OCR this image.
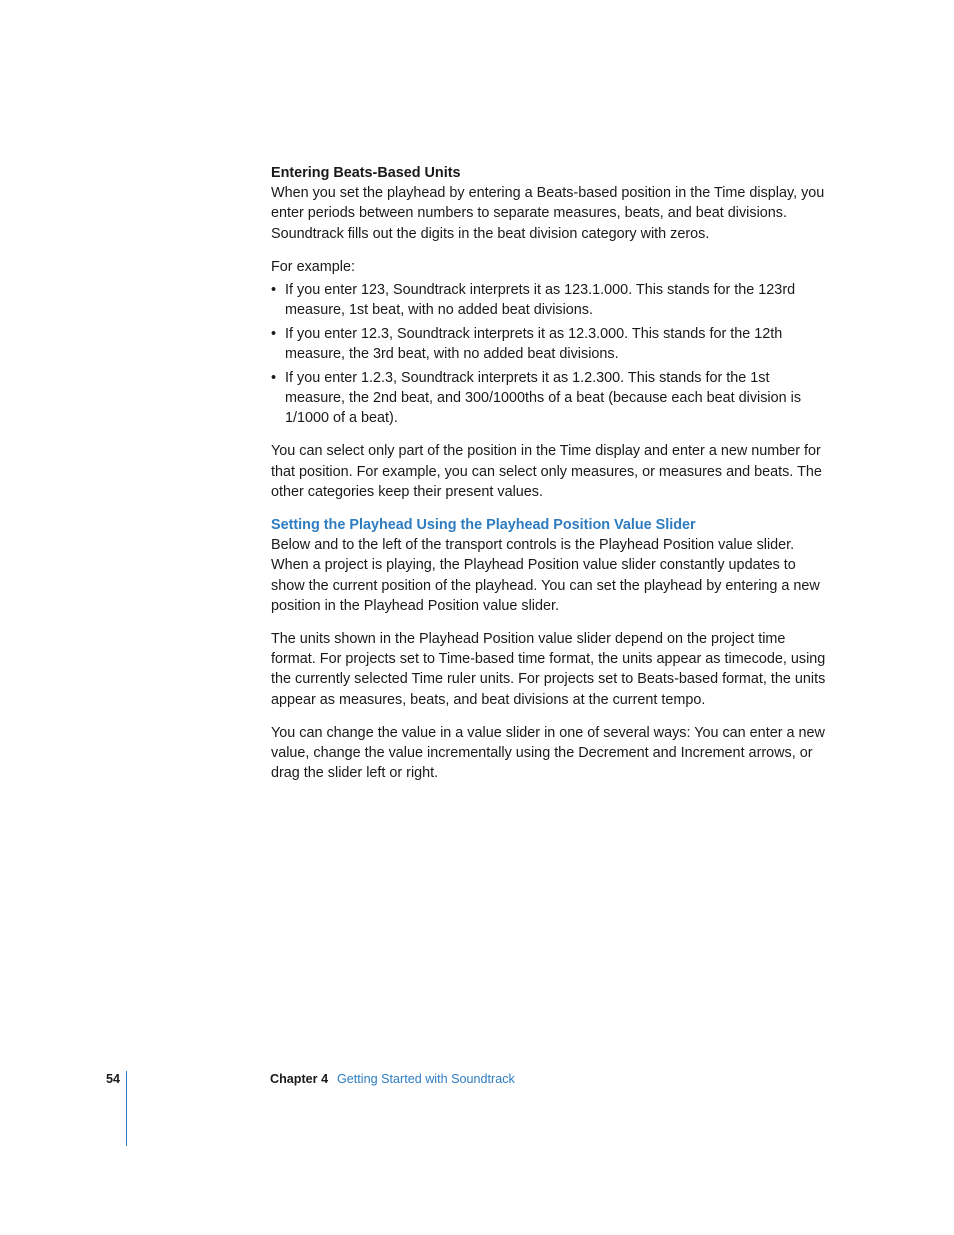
Entering Beats-Based Units

When you set the playhead by entering a Beats-based position in the Time display, you enter periods between numbers to separate measures, beats, and beat divisions. Soundtrack fills out the digits in the beat division category with zeros.

For example:

• If you enter 123, Soundtrack interprets it as 123.1.000. This stands for the 123rd measure, 1st beat, with no added beat divisions.
• If you enter 12.3, Soundtrack interprets it as 12.3.000. This stands for the 12th measure, the 3rd beat, with no added beat divisions.
• If you enter 1.2.3, Soundtrack interprets it as 1.2.300. This stands for the 1st measure, the 2nd beat, and 300/1000ths of a beat (because each beat division is 1/1000 of a beat).

You can select only part of the position in the Time display and enter a new number for that position. For example, you can select only measures, or measures and beats. The other categories keep their present values.

Setting the Playhead Using the Playhead Position Value Slider

Below and to the left of the transport controls is the Playhead Position value slider. When a project is playing, the Playhead Position value slider constantly updates to show the current position of the playhead. You can set the playhead by entering a new position in the Playhead Position value slider.

The units shown in the Playhead Position value slider depend on the project time format. For projects set to Time-based time format, the units appear as timecode, using the currently selected Time ruler units. For projects set to Beats-based format, the units appear as measures, beats, and beat divisions at the current tempo.

You can change the value in a value slider in one of several ways: You can enter a new value, change the value incrementally using the Decrement and Increment arrows, or drag the slider left or right.

54	Chapter 4 Getting Started with Soundtrack
